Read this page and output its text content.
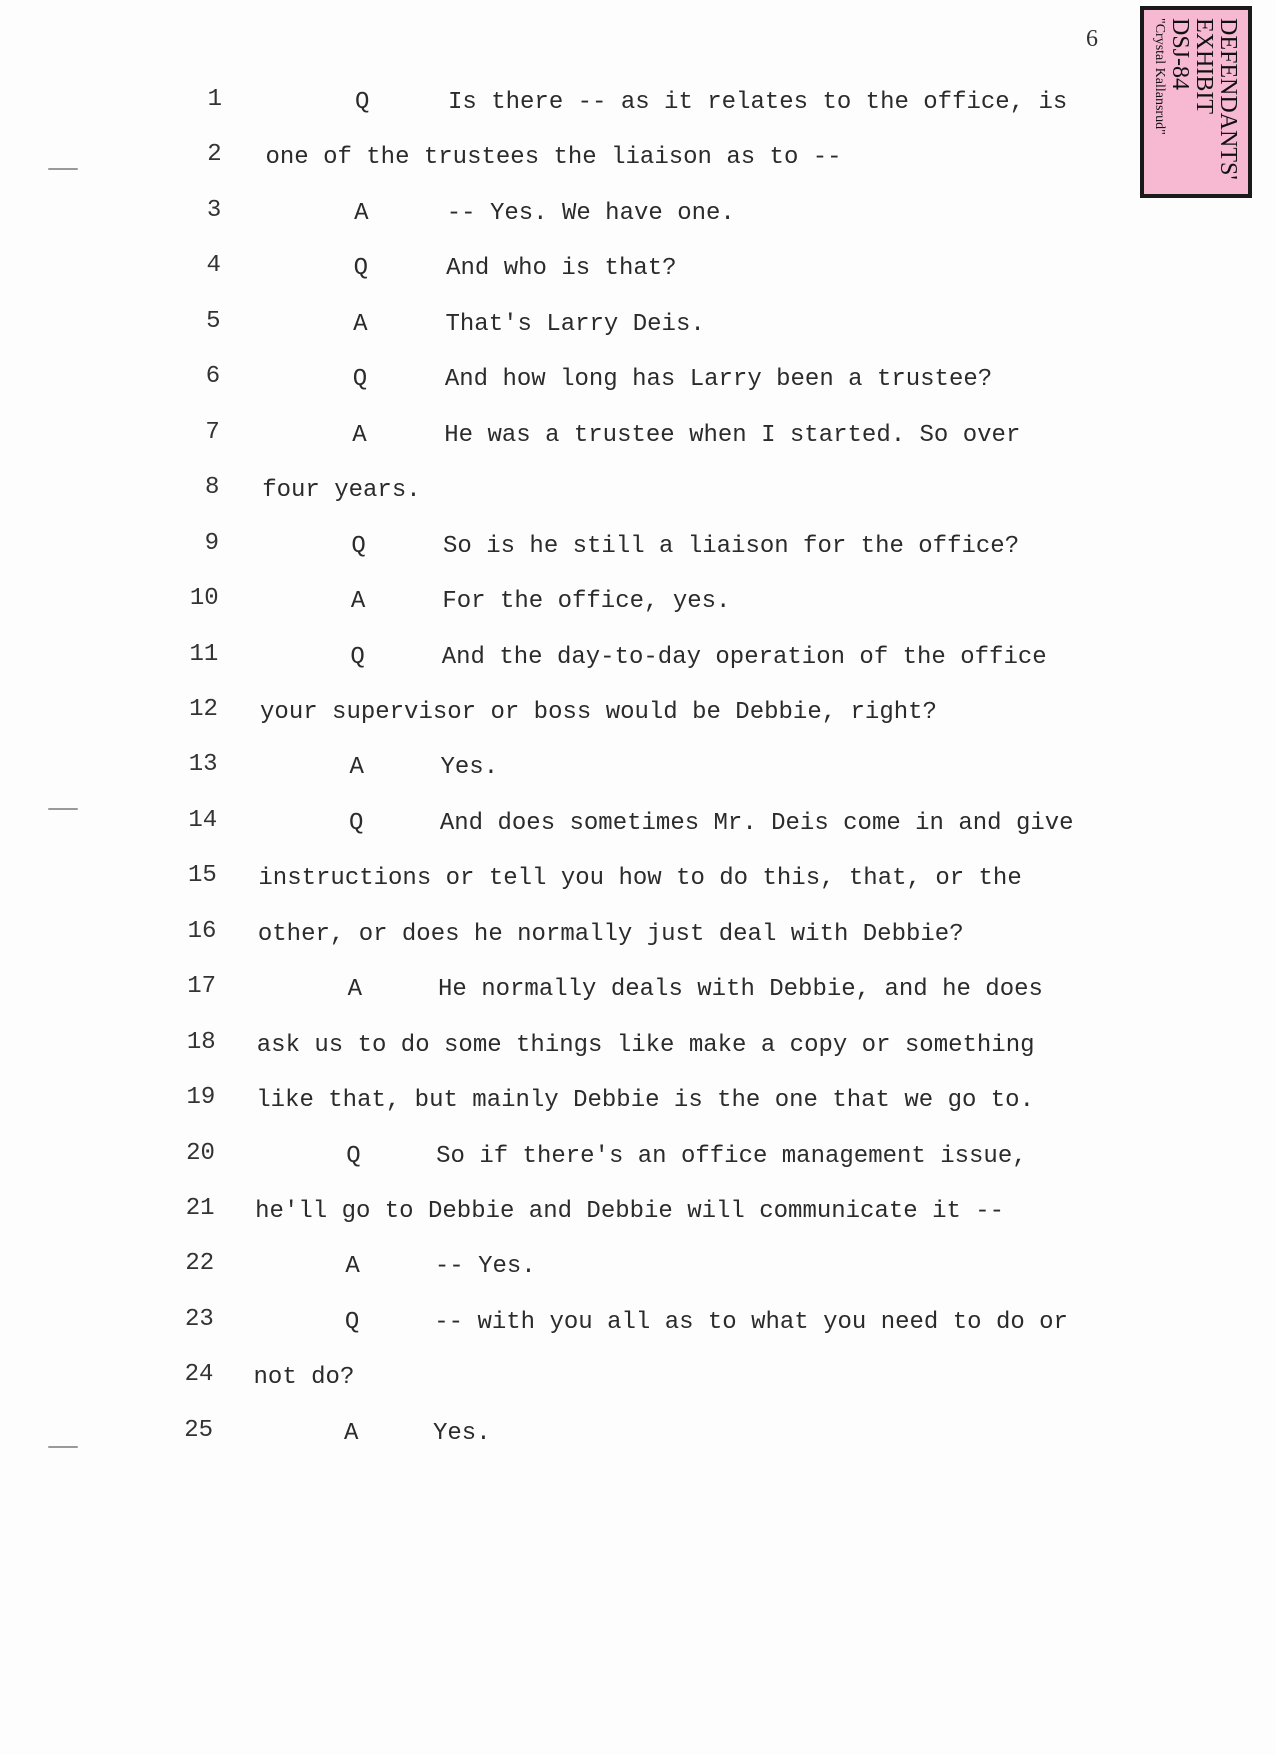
6	DEFENDANTS'
EXHIBIT
DSJ-84
"Crystal Kallansrud"
1	Q	Is there -- as it relates to the office, is
2 one of the trustees the liaison as to --
3	A	-- Yes. We have one.
4	Q	And who is that?
5	A	That's Larry Deis.
6	Q	And how long has Larry been a trustee?
7	A	He was a trustee when I started. So over
8 four years.
9	Q	So is he still a liaison for the office?
10	A	For the office, yes.
11	Q	And the day-to-day operation of the office
12 your supervisor or boss would be Debbie, right?
13	A	Yes.
14	Q	And does sometimes Mr. Deis come in and give
15 instructions or tell you how to do this, that, or the
16 other, or does he normally just deal with Debbie?
17	A	He normally deals with Debbie, and he does
18 ask us to do some things like make a copy or something
19 like that, but mainly Debbie is the one that we go to.
20	Q	So if there's an office management issue,
21 he'll go to Debbie and Debbie will communicate it --
22	A	-- Yes.
23	Q	-- with you all as to what you need to do or
24 not do?
25	A	Yes.
